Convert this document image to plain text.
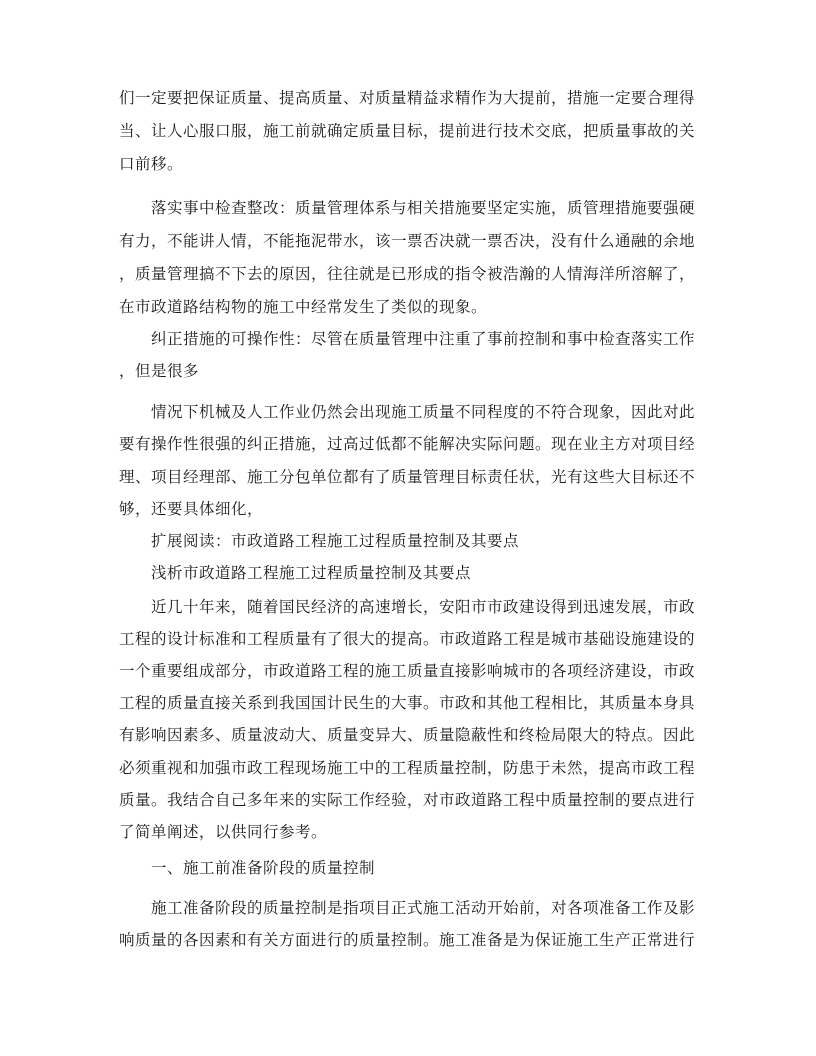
们一定要把保证质量、提高质量、对质量精益求精作为大提前，措施一定要合理得
当、让人心服口服，施工前就确定质量目标，提前进行技术交底，把质量事故的关
口前移。
落实事中检查整改：质量管理体系与相关措施要坚定实施，质管理措施要强硬
有力，不能讲人情，不能拖泥带水，该一票否决就一票否决，没有什么通融的余地
，质量管理搞不下去的原因，往往就是已形成的指令被浩瀚的人情海洋所溶解了，
在市政道路结构物的施工中经常发生了类似的现象。
纠正措施的可操作性：尽管在质量管理中注重了事前控制和事中检查落实工作
，但是很多
情况下机械及人工作业仍然会出现施工质量不同程度的不符合现象，因此对此
要有操作性很强的纠正措施，过高过低都不能解决实际问题。现在业主方对项目经
理、项目经理部、施工分包单位都有了质量管理目标责任状，光有这些大目标还不
够，还要具体细化，
扩展阅读：市政道路工程施工过程质量控制及其要点
浅析市政道路工程施工过程质量控制及其要点
近几十年来，随着国民经济的高速增长，安阳市市政建设得到迅速发展，市政
工程的设计标准和工程质量有了很大的提高。市政道路工程是城市基础设施建设的
一个重要组成部分，市政道路工程的施工质量直接影响城市的各项经济建设，市政
工程的质量直接关系到我国国计民生的大事。市政和其他工程相比，其质量本身具
有影响因素多、质量波动大、质量变异大、质量隐蔽性和终检局限大的特点。因此
必须重视和加强市政工程现场施工中的工程质量控制，防患于未然，提高市政工程
质量。我结合自己多年来的实际工作经验，对市政道路工程中质量控制的要点进行
了简单阐述，以供同行参考。
一、施工前准备阶段的质量控制
施工准备阶段的质量控制是指项目正式施工活动开始前，对各项准备工作及影
响质量的各因素和有关方面进行的质量控制。施工准备是为保证施工生产正常进行
